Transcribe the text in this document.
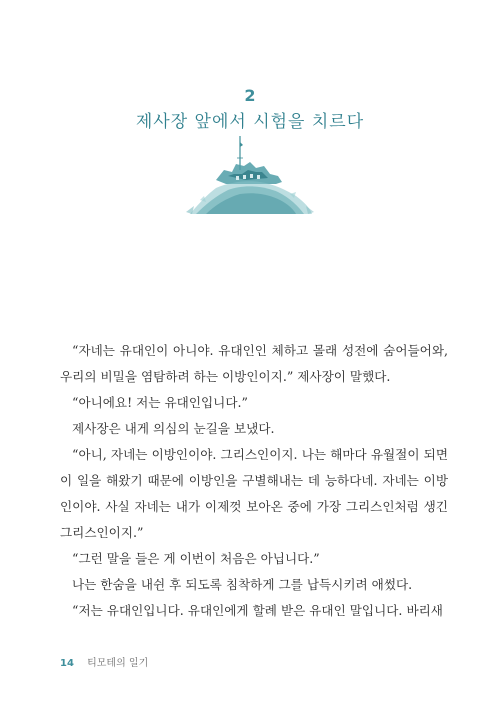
2
제사장 앞에서 시험을 치르다

“자네는 유대인이 아니야. 유대인인 체하고 몰래 성전에 숨어들어와, 우리의 비밀을 염탐하려 하는 이방인이지.” 제사장이 말했다.

“아니에요! 저는 유대인입니다.”

제사장은 내게 의심의 눈길을 보냈다.

“아니, 자네는 이방인이야. 그리스인이지. 나는 해마다 유월절이 되면 이 일을 해왔기 때문에 이방인을 구별해내는 데 능하다네. 자네는 이방인이야. 사실 자네는 내가 이제껏 보아온 중에 가장 그리스인처럼 생긴 그리스인이지.”

“그런 말을 들은 게 이번이 처음은 아닙니다.”

나는 한숨을 내쉰 후 되도록 침착하게 그를 납득시키려 애썼다.

“저는 유대인입니다. 유대인에게 할례 받은 유대인 말입니다. 바리새

14 티모테의 일기
